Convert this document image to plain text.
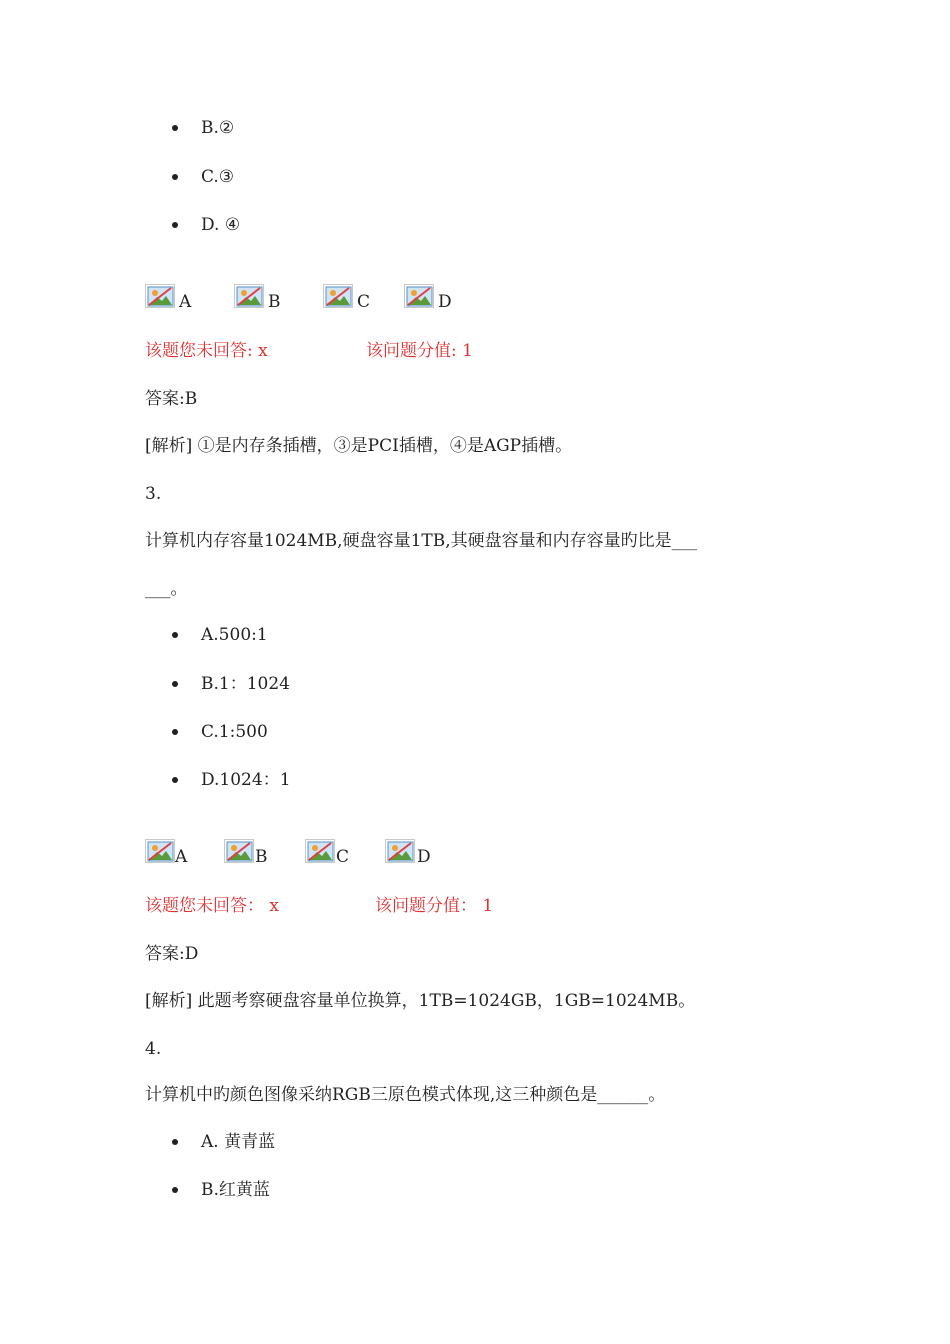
B.②
C.③
D. ④
A	B	C	D
该题您未回答: x	该问题分值: 1
答案:B
[解析] ①是内存条插槽，③是PCI插槽，④是AGP插槽。
3.
计算机内存容量1024MB,硬盘容量1TB,其硬盘容量和内存容量旳比是___
___。
A.500:1
B.1：1024
C.1:500
D.1024：1
A	B	C	D
该题您未回答： x	该问题分值： 1
答案:D
[解析] 此题考察硬盘容量单位换算，1TB=1024GB，1GB=1024MB。
4.
计算机中旳颜色图像采纳RGB三原色模式体现,这三种颜色是______。
A. 黄青蓝
B.红黄蓝
